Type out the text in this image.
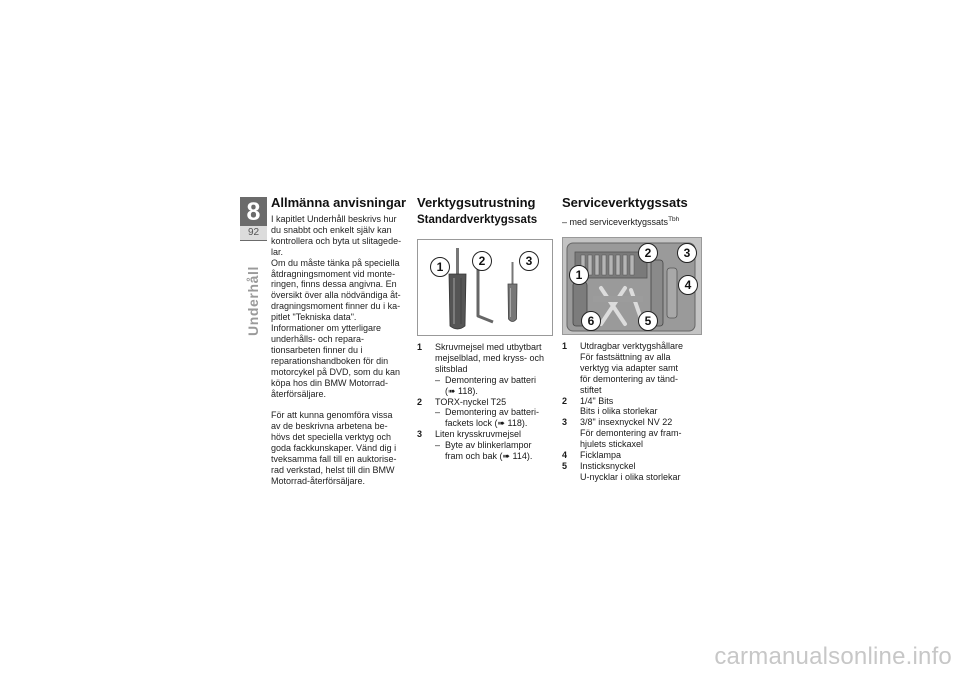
8
92
Underhåll
Allmänna anvisningar
I kapitlet Underhåll beskrivs hur
du snabbt och enkelt själv kan
kontrollera och byta ut slitagede-
lar.
Om du måste tänka på speciella
åtdragningsmoment vid monte-
ringen, finns dessa angivna. En
översikt över alla nödvändiga åt-
dragningsmoment finner du i ka-
pitlet "Tekniska data".
Informationer om ytterligare
underhålls- och repara-
tionsarbeten finner du i
reparationshandboken för din
motorcykel på DVD, som du kan
köpa hos din BMW Motorrad-
återförsäljare.
För att kunna genomföra vissa
av de beskrivna arbetena be-
hövs det speciella verktyg och
goda fackkunskaper. Vänd dig i
tveksamma fall till en auktorise-
rad verkstad, helst till din BMW
Motorrad-återförsäljare.
Verktygsutrustning
Standardverktygssats
1	2	3
1 Skruvmejsel med utbytbart
mejselblad, med kryss- och
slitsblad
– Demontering av batteri
(➠ 118).
2 TORX-nyckel T25
– Demontering av batteri-
fackets lock (➠ 118).
3 Liten krysskruvmejsel
– Byte av blinkerlampor
fram och bak (➠ 114).
Serviceverktygssats
– med serviceverktygssats$^{Tbh}$
2	3
1
4
6	5
1 Utdragbar verktygshållare
För fastsättning av alla
verktyg via adapter samt
för demontering av tänd-
stiftet
2 1/4" Bits
Bits i olika storlekar
3 3/8" insexnyckel NV 22
För demontering av fram-
hjulets stickaxel
4 Ficklampa
5 Insticksnyckel
U-nycklar i olika storlekar
carmanualsonline.info
